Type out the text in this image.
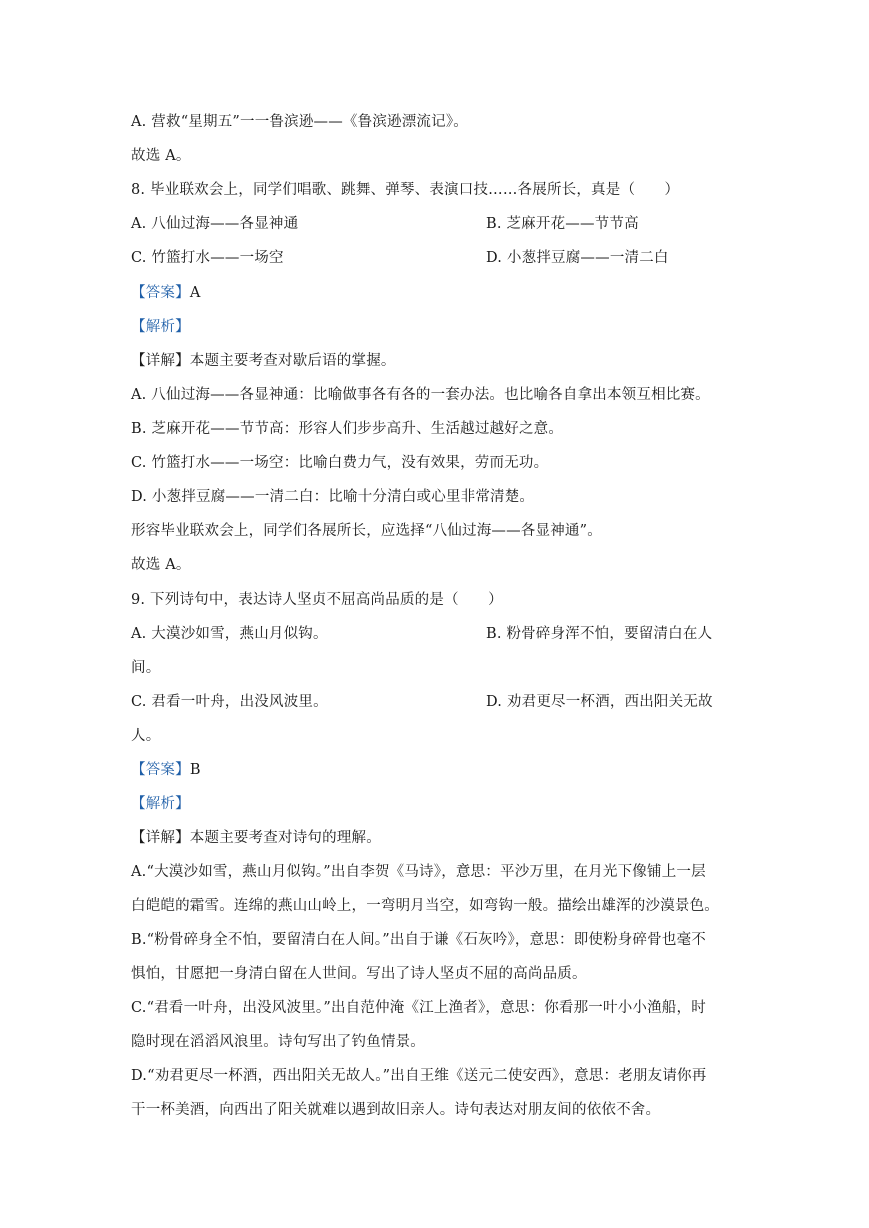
A. 营救“星期五”一一鲁滨逊——《鲁滨逊漂流记》。
故选 A。
8. 毕业联欢会上，同学们唱歌、跳舞、弹琴、表演口技……各展所长，真是（　　）
A. 八仙过海——各显神通	B. 芝麻开花——节节高
C. 竹篮打水——一场空	D. 小葱拌豆腐——一清二白
【答案】A
【解析】
【详解】本题主要考查对歇后语的掌握。
A. 八仙过海——各显神通：比喻做事各有各的一套办法。也比喻各自拿出本领互相比赛。
B. 芝麻开花——节节高：形容人们步步高升、生活越过越好之意。
C. 竹篮打水——一场空：比喻白费力气，没有效果，劳而无功。
D. 小葱拌豆腐——一清二白：比喻十分清白或心里非常清楚。
形容毕业联欢会上，同学们各展所长，应选择“八仙过海——各显神通”。
故选 A。
9. 下列诗句中，表达诗人坚贞不屈高尚品质的是（　　）
A. 大漠沙如雪，燕山月似钩。	B. 粉骨碎身浑不怕，要留清白在人
间。
C. 君看一叶舟，出没风波里。	D. 劝君更尽一杯酒，西出阳关无故
人。
【答案】B
【解析】
【详解】本题主要考查对诗句的理解。
A.“大漠沙如雪，燕山月似钩。”出自李贺《马诗》，意思：平沙万里，在月光下像铺上一层
白皑皑的霜雪。连绵的燕山山岭上，一弯明月当空，如弯钩一般。描绘出雄浑的沙漠景色。
B.“粉骨碎身全不怕，要留清白在人间。”出自于谦《石灰吟》，意思：即使粉身碎骨也毫不
惧怕，甘愿把一身清白留在人世间。写出了诗人坚贞不屈的高尚品质。
C.“君看一叶舟，出没风波里。”出自范仲淹《江上渔者》，意思：你看那一叶小小渔船，时
隐时现在滔滔风浪里。诗句写出了钓鱼情景。
D.“劝君更尽一杯酒，西出阳关无故人。”出自王维《送元二使安西》，意思：老朋友请你再
干一杯美酒，向西出了阳关就难以遇到故旧亲人。诗句表达对朋友间的依依不舍。
